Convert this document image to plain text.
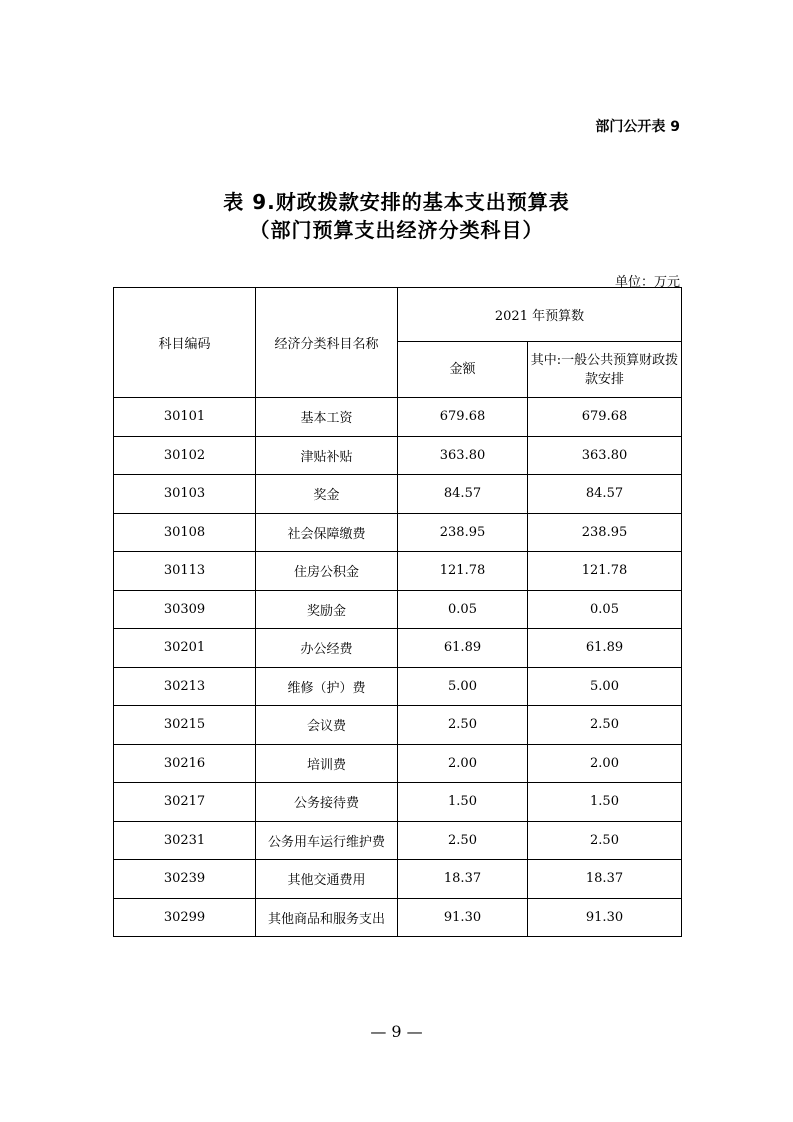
部门公开表 9
表 9.财政拨款安排的基本支出预算表
（部门预算支出经济分类科目）
单位：万元
科目编码	经济分类科目名称	2021 年预算数	
		金额	其中:一般公共预算财政拨款安排
30101	基本工资	679.68	679.68
30102	津贴补贴	363.80	363.80
30103	奖金	84.57	84.57
30108	社会保障缴费	238.95	238.95
30113	住房公积金	121.78	121.78
30309	奖励金	0.05	0.05
30201	办公经费	61.89	61.89
30213	维修（护）费	5.00	5.00
30215	会议费	2.50	2.50
30216	培训费	2.00	2.00
30217	公务接待费	1.50	1.50
30231	公务用车运行维护费	2.50	2.50
30239	其他交通费用	18.37	18.37
30299	其他商品和服务支出	91.30	91.30
— 9 —
